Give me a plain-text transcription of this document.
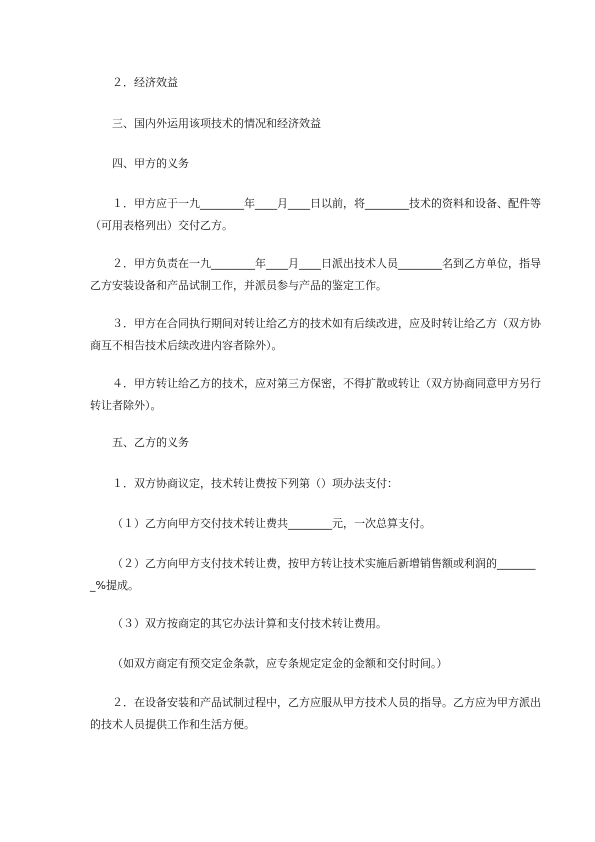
２．经济效益

三、国内外运用该项技术的情况和经济效益

四、甲方的义务

１．甲方应于一九________年____月____日以前，将________技术的资料和设备、配件等（可用表格列出）交付乙方。

２．甲方负责在一九________年____月____日派出技术人员________名到乙方单位，指导乙方安装设备和产品试制工作，并派员参与产品的鉴定工作。

３．甲方在合同执行期间对转让给乙方的技术如有后续改进，应及时转让给乙方（双方协商互不相告技术后续改进内容者除外）。

４．甲方转让给乙方的技术，应对第三方保密，不得扩散或转让（双方协商同意甲方另行转让者除外）。

五、乙方的义务

１．双方协商议定，技术转让费按下列第（）项办法支付：

（１）乙方向甲方交付技术转让费共________元，一次总算支付。

（２）乙方向甲方支付技术转让费，按甲方转让技术实施后新增销售额或利润的________%提成。

（３）双方按商定的其它办法计算和支付技术转让费用。

（如双方商定有预交定金条款，应专条规定定金的金额和交付时间。）

２．在设备安装和产品试制过程中，乙方应服从甲方技术人员的指导。乙方应为甲方派出的技术人员提供工作和生活方便。
